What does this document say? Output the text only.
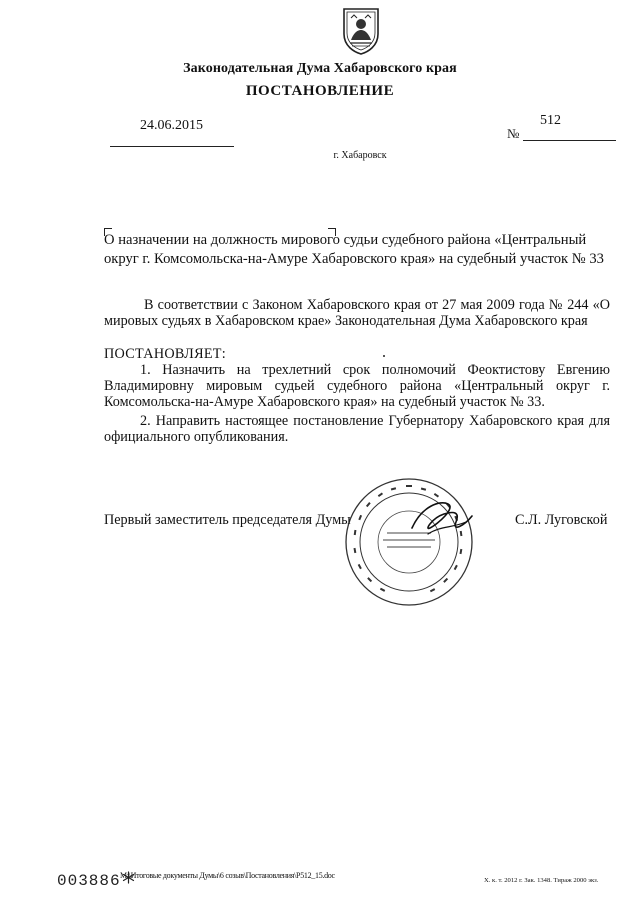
Законодательная Дума Хабаровского края
ПОСТАНОВЛЕНИЕ
24.06.2015	512
№
г. Хабаровск
О назначении на должность мирового судьи судебного района «Центральный округ г. Комсомольска-на-Амуре Хабаровского края» на судебный участок № 33
В соответствии с Законом Хабаровского края от 27 мая 2009 года № 244 «О мировых судьях в Хабаровском крае» Законодательная Дума Хабаровского края
ПОСТАНОВЛЯЕТ:
1. Назначить на трехлетний срок полномочий Феоктистову Евгению Владимировну мировым судьей судебного района «Центральный округ г. Комсомольска-на-Амуре Хабаровского края» на судебный участок № 33.
2. Направить настоящее постановление Губернатору Хабаровского края для официального опубликования.
Первый заместитель председателя Думы	С.Л. Луговской
003886 M:\Итоговые документы Думы\6 созыв\Постановления\P512_15.doc
Х. к. т. 2012 г. Зак. 1348. Тираж 2000 экз.
